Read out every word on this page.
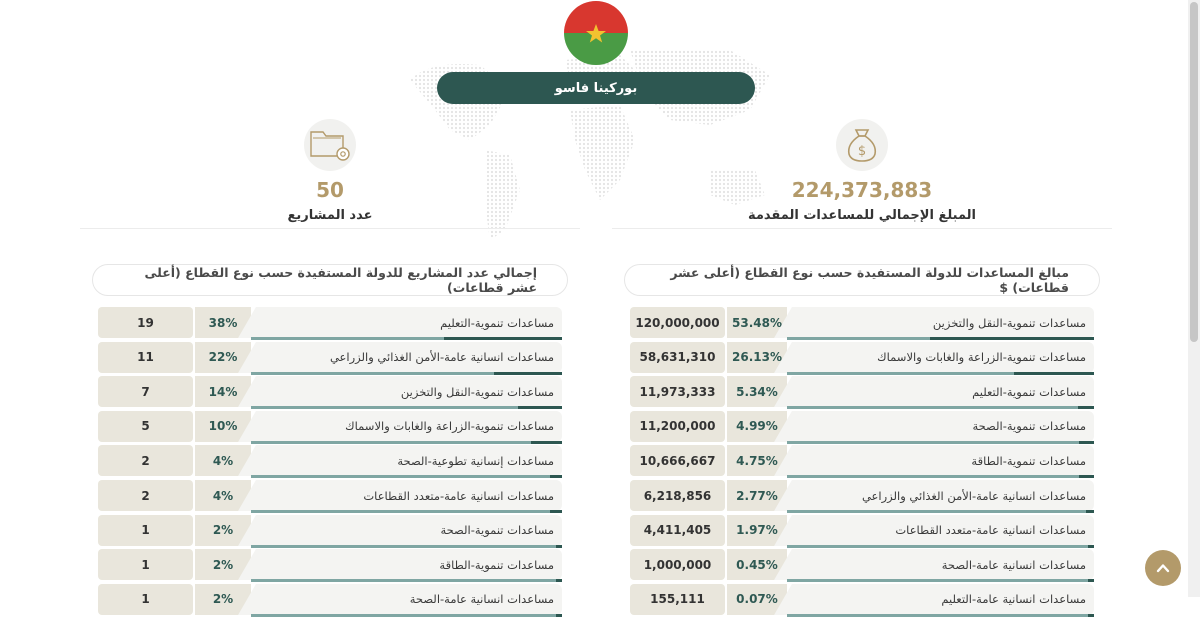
بوركينا فاسو
$
224,373,883
المبلغ الإجمالي للمساعدات المقدمة
50
عدد المشاريع
إجمالي عدد المشاريع للدولة المستفيدة حسب نوع القطاع (أعلى عشر قطاعات)
مبالغ المساعدات للدولة المستفيدة حسب نوع القطاع (أعلى عشر قطاعات) $
19	38%	مساعدات تنموية-التعليم
11	22%	مساعدات انسانية عامة-الأمن الغذائي والزراعي
7	14%	مساعدات تنموية-النقل والتخزين
5	10%	مساعدات تنموية-الزراعة والغابات والاسماك
2	4%	مساعدات إنسانية تطوعية-الصحة
2	4%	مساعدات انسانية عامة-متعدد القطاعات
1	2%	مساعدات تنموية-الصحة
1	2%	مساعدات تنموية-الطاقة
1	2%	مساعدات انسانية عامة-الصحة
120,000,000	53.48%	مساعدات تنموية-النقل والتخزين
58,631,310	26.13%	مساعدات تنموية-الزراعة والغابات والاسماك
11,973,333	5.34%	مساعدات تنموية-التعليم
11,200,000	4.99%	مساعدات تنموية-الصحة
10,666,667	4.75%	مساعدات تنموية-الطاقة
6,218,856	2.77%	مساعدات انسانية عامة-الأمن الغذائي والزراعي
4,411,405	1.97%	مساعدات انسانية عامة-متعدد القطاعات
1,000,000	0.45%	مساعدات انسانية عامة-الصحة
155,111	0.07%	مساعدات انسانية عامة-التعليم
